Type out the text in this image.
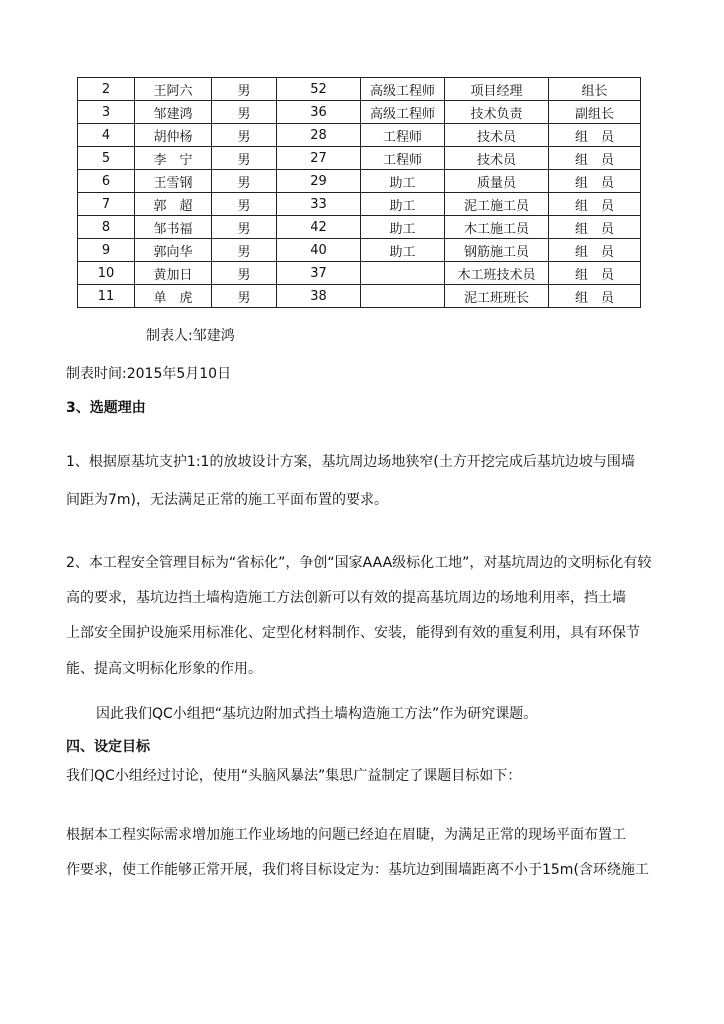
2	王阿六	男	52	高级工程师	项目经理	组长
3	邹建鸿	男	36	高级工程师	技术负责	副组长
4	胡仲杨	男	28	工程师	技术员	组　员
5	李　宁	男	27	工程师	技术员	组　员
6	王雪钢	男	29	助工	质量员	组　员
7	郭　超	男	33	助工	泥工施工员	组　员
8	邹书福	男	42	助工	木工施工员	组　员
9	郭向华	男	40	助工	钢筋施工员	组　员
10	黄加日	男	37		木工班技术员	组　员
11	单　虎	男	38		泥工班班长	组　员
制表人:邹建鸿
制表时间:2015年5月10日
3、选题理由
1、根据原基坑支护1:1的放坡设计方案，基坑周边场地狭窄(土方开挖完成后基坑边坡与围墙
间距为7m)，无法满足正常的施工平面布置的要求。
2、本工程安全管理目标为“省标化”，争创“国家AAA级标化工地”，对基坑周边的文明标化有较
高的要求，基坑边挡土墙构造施工方法创新可以有效的提高基坑周边的场地利用率，挡土墙
上部安全围护设施采用标准化、定型化材料制作、安装，能得到有效的重复利用，具有环保节
能、提高文明标化形象的作用。
因此我们QC小组把“基坑边附加式挡土墙构造施工方法”作为研究课题。
四、设定目标
我们QC小组经过讨论，使用“头脑风暴法”集思广益制定了课题目标如下：
根据本工程实际需求增加施工作业场地的问题已经迫在眉睫，为满足正常的现场平面布置工
作要求，使工作能够正常开展，我们将目标设定为：基坑边到围墙距离不小于15m(含环绕施工
